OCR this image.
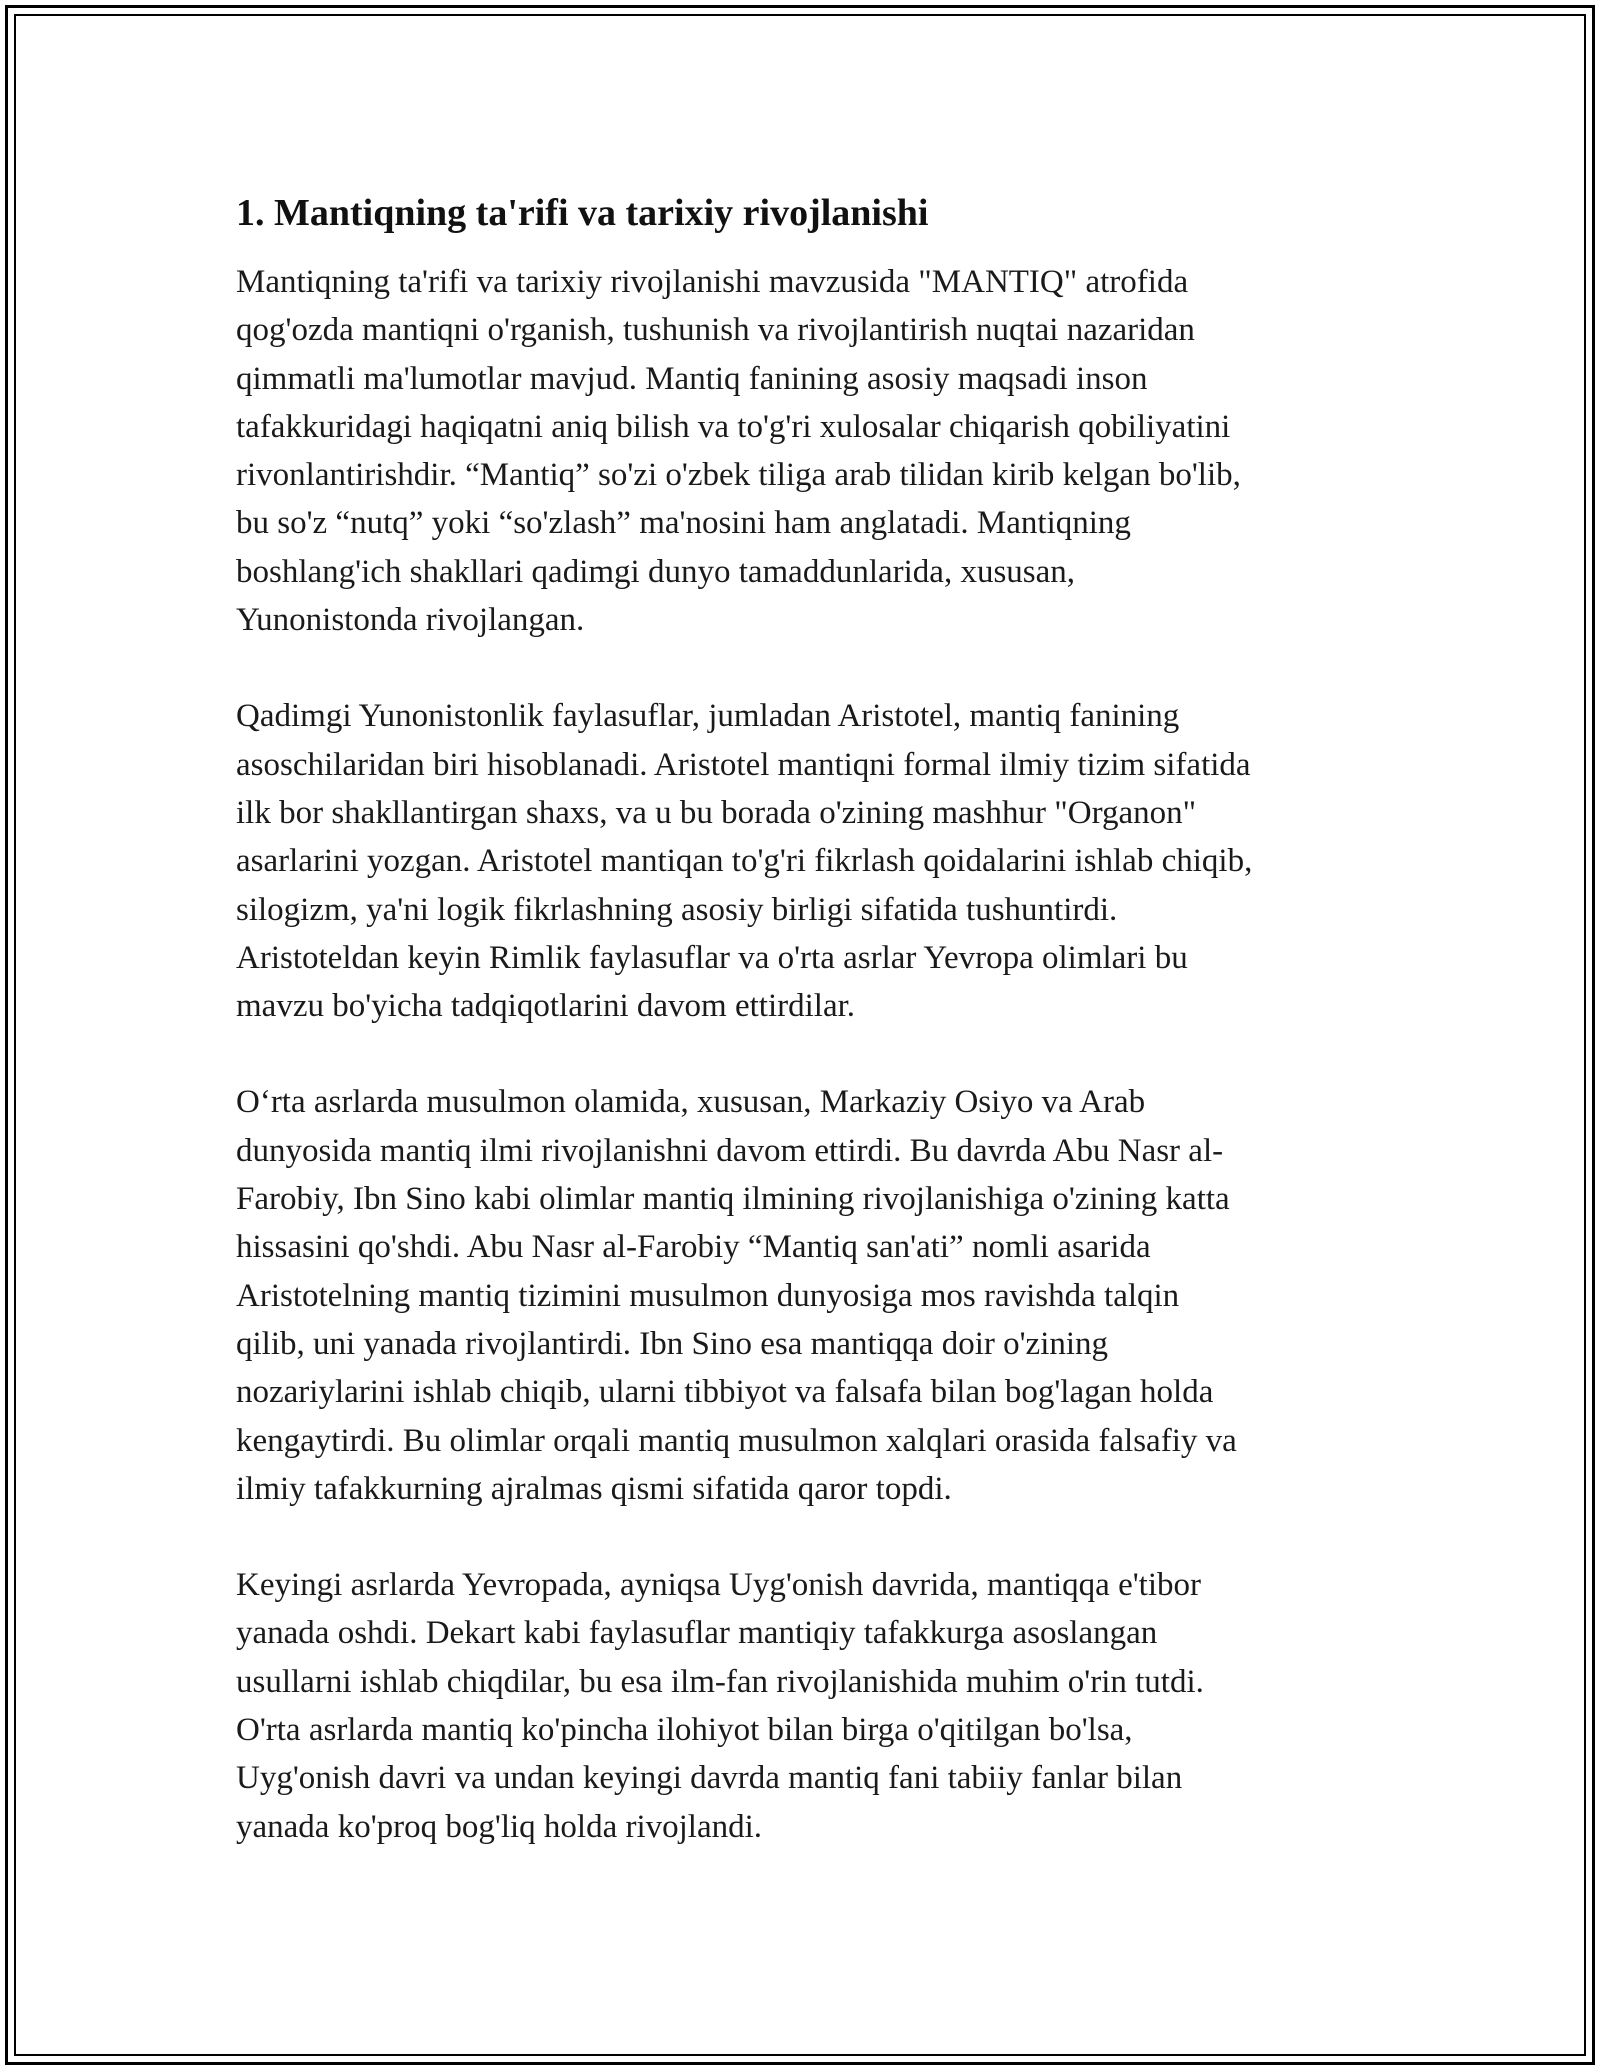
1. Mantiqning ta'rifi va tarixiy rivojlanishi

Mantiqning ta'rifi va tarixiy rivojlanishi mavzusida "MANTIQ" atrofida
qog'ozda mantiqni o'rganish, tushunish va rivojlantirish nuqtai nazaridan
qimmatli ma'lumotlar mavjud. Mantiq fanining asosiy maqsadi inson
tafakkuridagi haqiqatni aniq bilish va to'g'ri xulosalar chiqarish qobiliyatini
rivonlantirishdir. “Mantiq” so'zi o'zbek tiliga arab tilidan kirib kelgan bo'lib,
bu so'z “nutq” yoki “so'zlash” ma'nosini ham anglatadi. Mantiqning
boshlang'ich shakllari qadimgi dunyo tamaddunlarida, xususan,
Yunonistonda rivojlangan.

Qadimgi Yunonistonlik faylasuflar, jumladan Aristotel, mantiq fanining
asoschilaridan biri hisoblanadi. Aristotel mantiqni formal ilmiy tizim sifatida
ilk bor shakllantirgan shaxs, va u bu borada o'zining mashhur "Organon"
asarlarini yozgan. Aristotel mantiqan to'g'ri fikrlash qoidalarini ishlab chiqib,
silogizm, ya'ni logik fikrlashning asosiy birligi sifatida tushuntirdi.
Aristoteldan keyin Rimlik faylasuflar va o'rta asrlar Yevropa olimlari bu
mavzu bo'yicha tadqiqotlarini davom ettirdilar.

O‘rta asrlarda musulmon olamida, xususan, Markaziy Osiyo va Arab
dunyosida mantiq ilmi rivojlanishni davom ettirdi. Bu davrda Abu Nasr al-
Farobiy, Ibn Sino kabi olimlar mantiq ilmining rivojlanishiga o'zining katta
hissasini qo'shdi. Abu Nasr al-Farobiy “Mantiq san'ati” nomli asarida
Aristotelning mantiq tizimini musulmon dunyosiga mos ravishda talqin
qilib, uni yanada rivojlantirdi. Ibn Sino esa mantiqqa doir o'zining
nozariylarini ishlab chiqib, ularni tibbiyot va falsafa bilan bog'lagan holda
kengaytirdi. Bu olimlar orqali mantiq musulmon xalqlari orasida falsafiy va
ilmiy tafakkurning ajralmas qismi sifatida qaror topdi.

Keyingi asrlarda Yevropada, ayniqsa Uyg'onish davrida, mantiqqa e'tibor
yanada oshdi. Dekart kabi faylasuflar mantiqiy tafakkurga asoslangan
usullarni ishlab chiqdilar, bu esa ilm-fan rivojlanishida muhim o'rin tutdi.
O'rta asrlarda mantiq ko'pincha ilohiyot bilan birga o'qitilgan bo'lsa,
Uyg'onish davri va undan keyingi davrda mantiq fani tabiiy fanlar bilan
yanada ko'proq bog'liq holda rivojlandi.
